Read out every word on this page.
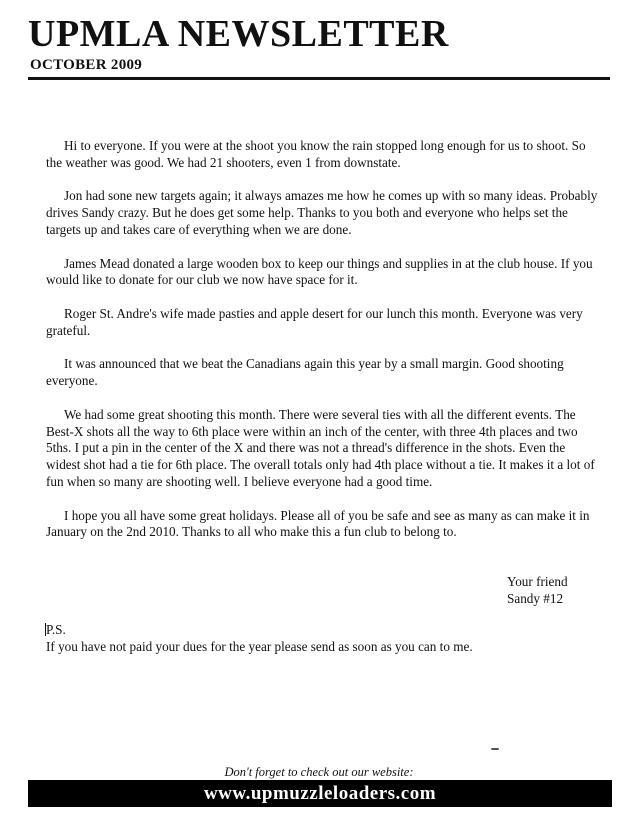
UPMLA NEWSLETTER
OCTOBER 2009

Hi to everyone. If you were at the shoot you know the rain stopped long enough for us to shoot. So the weather was good. We had 21 shooters, even 1 from downstate.

Jon had sone new targets again; it always amazes me how he comes up with so many ideas. Probably drives Sandy crazy. But he does get some help. Thanks to you both and everyone who helps set the targets up and takes care of everything when we are done.

James Mead donated a large wooden box to keep our things and supplies in at the club house. If you would like to donate for our club we now have space for it.

Roger St. Andre's wife made pasties and apple desert for our lunch this month. Everyone was very grateful.

It was announced that we beat the Canadians again this year by a small margin. Good shooting everyone.

We had some great shooting this month. There were several ties with all the different events. The Best-X shots all the way to 6th place were within an inch of the center, with three 4th places and two 5ths. I put a pin in the center of the X and there was not a thread's difference in the shots. Even the widest shot had a tie for 6th place. The overall totals only had 4th place without a tie. It makes it a lot of fun when so many are shooting well. I believe everyone had a good time.

I hope you all have some great holidays. Please all of you be safe and see as many as can make it in January on the 2nd 2010. Thanks to all who make this a fun club to belong to.

Your friend
Sandy #12
P.S.
If you have not paid your dues for the year please send as soon as you can to me.
Don't forget to check out our website:
www.upmuzzleloaders.com
